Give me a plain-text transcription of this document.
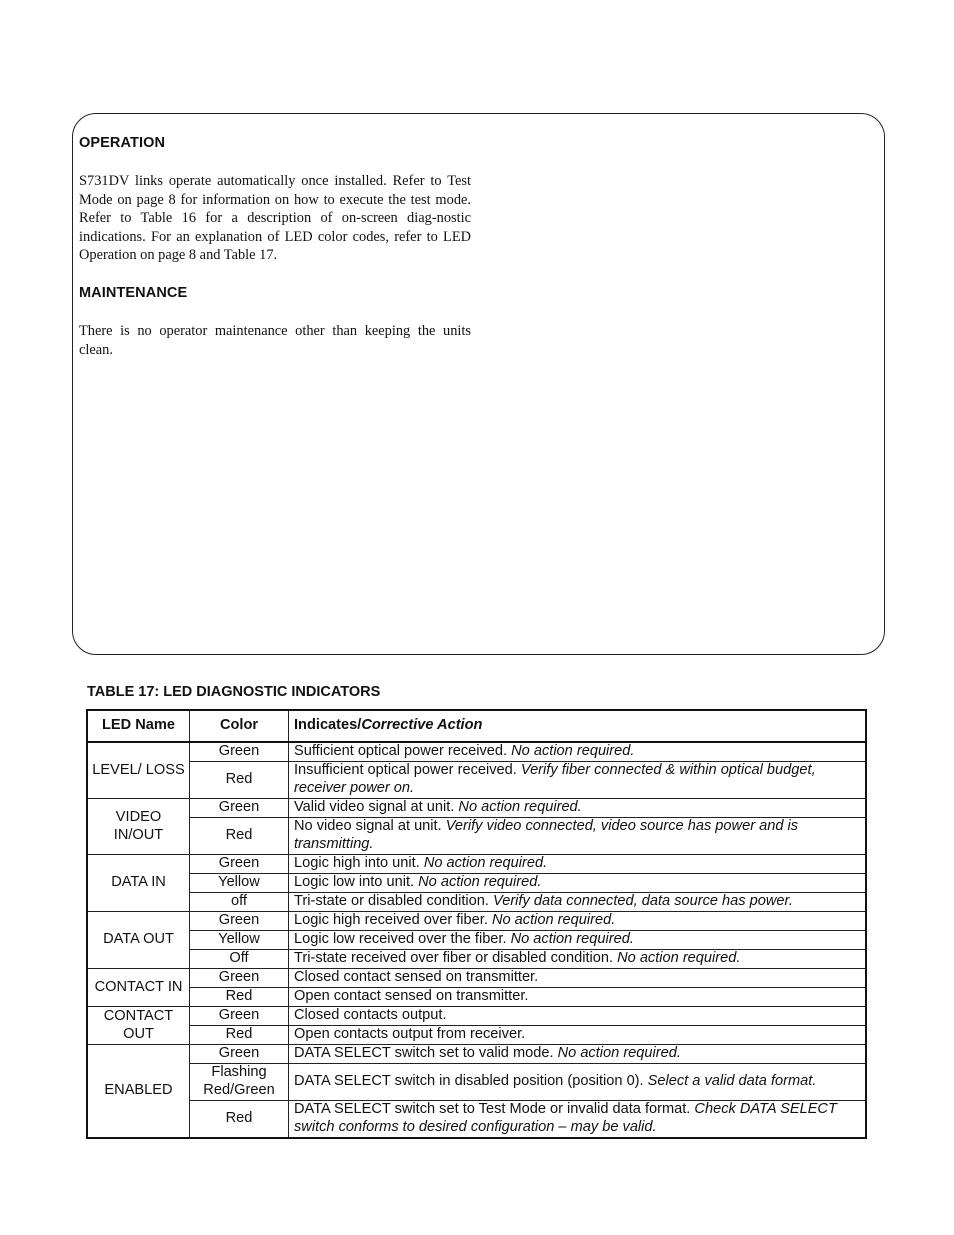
OPERATION
S731DV links operate automatically once installed. Refer to Test Mode on page 8 for information on how to execute the test mode. Refer to Table 16 for a description of on-screen diag-nostic indications. For an explanation of LED color codes, refer to LED Operation on page 8 and Table 17.
MAINTENANCE
There is no operator maintenance other than keeping the units clean.
TABLE 17: LED DIAGNOSTIC INDICATORS
LED Name	Color	Indicates/Corrective Action
LEVEL/ LOSS	Green	Sufficient optical power received. No action required.
	Red	Insufficient optical power received. Verify fiber connected & within optical budget, receiver power on.
VIDEO IN/OUT	Green	Valid video signal at unit. No action required.
	Red	No video signal at unit. Verify video connected, video source has power and is transmitting.
DATA IN	Green	Logic high into unit. No action required.
	Yellow	Logic low into unit. No action required.
	off	Tri-state or disabled condition. Verify data connected, data source has power.
DATA OUT	Green	Logic high received over fiber. No action required.
	Yellow	Logic low received over the fiber. No action required.
	Off	Tri-state received over fiber or disabled condition. No action required.
CONTACT IN	Green	Closed contact sensed on transmitter.
	Red	Open contact sensed on transmitter.
CONTACT OUT	Green	Closed contacts output.
	Red	Open contacts output from receiver.
ENABLED	Green	DATA SELECT switch set to valid mode. No action required.
	Flashing Red/Green	DATA SELECT switch in disabled position (position 0). Select a valid data format.
	Red	DATA SELECT switch set to Test Mode or invalid data format. Check DATA SELECT switch conforms to desired configuration – may be valid.
